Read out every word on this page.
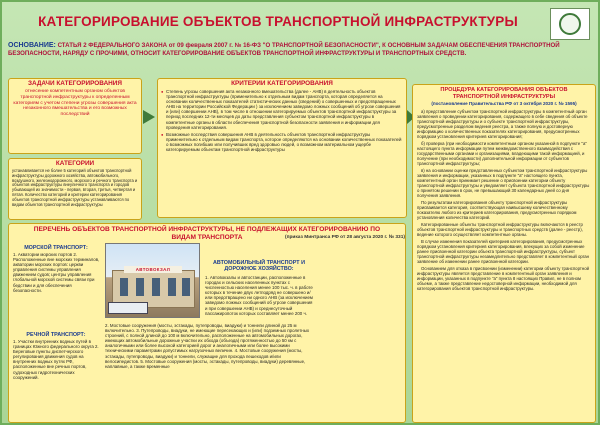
КАТЕГОРИРОВАНИЕ ОБЪЕКТОВ ТРАНСПОРТНОЙ ИНФРАСТРУКТУРЫ
ОСНОВАНИЕ: СТАТЬЯ 2 ФЕДЕРАЛЬНОГО ЗАКОНА от 09 февраля 2007 г. № 16-ФЗ "О ТРАНСПОРТНОЙ БЕЗОПАСНОСТИ", К ОСНОВНЫМ ЗАДАЧАМ ОБЕСПЕЧЕНИЯ ТРАНСПОРТНОЙ БЕЗОПАСНОСТИ, НАРЯДУ С ПРОЧИМИ, ОТНОСИТ КАТЕГОРИРОВАНИЕ ОБЪЕКТОВ ТРАНСПОРТНОЙ ИНФРАСТРУКТУРЫ И ТРАНСПОРТНЫХ СРЕДСТВ.
ЗАДАЧИ КАТЕГОРИРОВАНИЯ
отнесение компетентным органом объектов транспортной инфраструктуры к определенным категориям с учетом степени угрозы совершения акта незаконного вмешательства и его возможных последствий
КАТЕГОРИИ
устанавливается не более 5 категорий объектов транспортной инфраструктуры дорожного хозяйства, автомобильного, воздушного, железнодорожного, морского и речного транспорта и объектов инфраструктуры внеуличного транспорта и городов убывающей их значимости - первая, вторая, третья, четвертая и пятая. Количество категорий и критерии категорирования объектов транспортной инфраструктуры устанавливаются по видам объектов транспортной инфраструктуры
КРИТЕРИИ КАТЕГОРИРОВАНИЯ

● Степень угрозы совершения акта незаконного вмешательства (далее - АНВ) в деятельность объектов транспортной инфраструктуры (применительно к отдельным видам транспорта, которая определяется на основании количественных показателей статистических данных (сведений) о совершенных и предотвращенных АНВ на территории Российской Федерации ) за исключением заведомо ложных сообщений об угрозе совершения и (или) совершении АНВ), в том числе в отношении категорируемых объектов транспортной инфраструктуры за период последних 12-ти месяцев до даты представления субъектом транспортной инфраструктуры в компетентные органы в области обеспечения транспортной безопасности заявления и информации для проведения категорирования.

● Возможные последствия совершения АНВ в деятельность объектов транспортной инфраструктуры применительно к отдельным видам транспорта, которое определяются на основании количественных показателей о возможных погибших или получивших вред здоровью людей, о возможном материальном ущербе категорируемым объектам транспортной инфраструктуры

ПРОЦЕДУРА КАТЕГОРИРОВАНИЯ ОБЪЕКТОВ ТРАНСПОРТНОЙ ИНФРАСТРУКТУРЫ
(постановление Правительства РФ от 3 октября 2020 г. № 1595)

а) представление субъектом транспортной инфраструктуры в компетентный орган заявления о проведении категорирования, содержащего в себе сведения об объекте транспортной инфраструктуры и о субъекте транспортной инфраструктуры, предусмотренные разделом ведения реестра, а также полную и достоверную информацию о количественных показателях категорирования, предусмотренных порядком установления критериев категорирования;

б) проверка (при необходимости компетентным органом указанной в подпункте "а" настоящего пункта информации путем межведомственного взаимодействия с государственными органами и организациями, владеющими такой информацией, и получение (при необходимости) дополнительной информации от субъектов транспортной инфраструктуры;

в) на основании оценки представленных субъектом транспортной инфраструктуры заявления и информации, указанных в подпункте "а" настоящего пункта, компетентный орган принимает решение о присвоении категории объекту транспортной инфраструктуры и уведомляет субъекта транспортной инфраструктуры о принятом решении в срок, не превышающий 30 календарных дней со дня получения заявления.

По результатам категорирования объекту транспортной инфраструктуры присваивается категория, соответствующая наивысшему количественному показателю любого из критериев категорирования, предусмотренных порядком установления количества категорий.

Категорированные объекты транспортной инфраструктуры включаются в реестр объектов транспортной инфраструктуры и транспортных средств (далее - реестр), ведение которого осуществляет компетентные органы.

В случае изменения показателей критериев категорирования, предусмотренных порядком установления критериев категорирования, влекущих за собой изменение ранее присвоенной категории объекта транспортной инфраструктуры, субъект транспортной инфраструктуры незамедлительно представляет в компетентный орган заявление об изменении ранее присвоенной категории.

Основанием для отказа в присвоении (изменении) категории объекту транспортной инфраструктуры является представление в компетентный орган заявления и информации, указанных в подпункте "а" пункта 8 настоящих Правил, не в полном объеме, а также представление недостоверной информации, необходимой для категорирования объектов транспортной инфраструктуры.

ПЕРЕЧЕНЬ ОБЪЕКТОВ ТРАНСПОРТНОЙ ИНФРАСТРУКТУРЫ, НЕ ПОДЛЕЖАЩИХ КАТЕГОРИРОВАНИЮ ПО ВИДАМ ТРАНСПОРТА	(приказ Минтранса РФ от 28 августа 2020 г. № 331)
МОРСКОЙ ТРАНСПОРТ:
1. Акватории морских портов 2. Расположенные вне морских терминалов, акватории морских портов: церкви управления системы управления движением судов; центры управления глобальной морской системы связи при бедствии и для обеспечения безопасности.
РЕЧНОЙ ТРАНСПОРТ:
1. Участки внутренних водных путей в границах Южного федерального округа 2. Береговые пункты диспетчерского регулирования движения судов на внутренних водных путях РФ, расположенные вне речных портов, судоходных гидротехнических сооружений.
АВТОВОКЗАЛ
АВТОМОБИЛЬНЫЙ ТРАНСПОРТ И ДОРОЖНОЕ ХОЗЯЙСТВО:
1. Автовокзалы и автостанции, расположенные в городах и сельских населенных пунктах с численностью населения менее 100 тыс. ч. в работе которых в течение двух летподряд не совершено и/или предотвращено ни одного АНВ (за исключением заведомо ложных сообщений об угрозе совершения и при совершении АНВ) и среднесуточный пассажиропоток которых составляет менее 200 ч.
2. Мостовые сооружения (мосты, эстакады, путепроводы, виадуки) и тоннели длиной до 25 м включительно. 3. Путепроводы, виадуки, не имеющие пересекающих и (или) подземных пролетных строений, с полной длиной до 100 м включительно, расположенные на автомобильных дорогах, имеющих автомобильные дорожные участки их обхода (объезда) протяженностью до 50 км с аналогичными или более высокой категорией дорог и аналогичными или более высокими техническими параметрами допустимых нагрузочных величин. 4. Мостовые сооружения (мосты, эстакады, путепроводы, виадуки) и тоннели, служащие для прохода пешеходов и/или велосипедистов. 5. Мостовые сооружения (мосты, эстакады, путепроводы, виадуки) деревянные, наплавные, а также временные
